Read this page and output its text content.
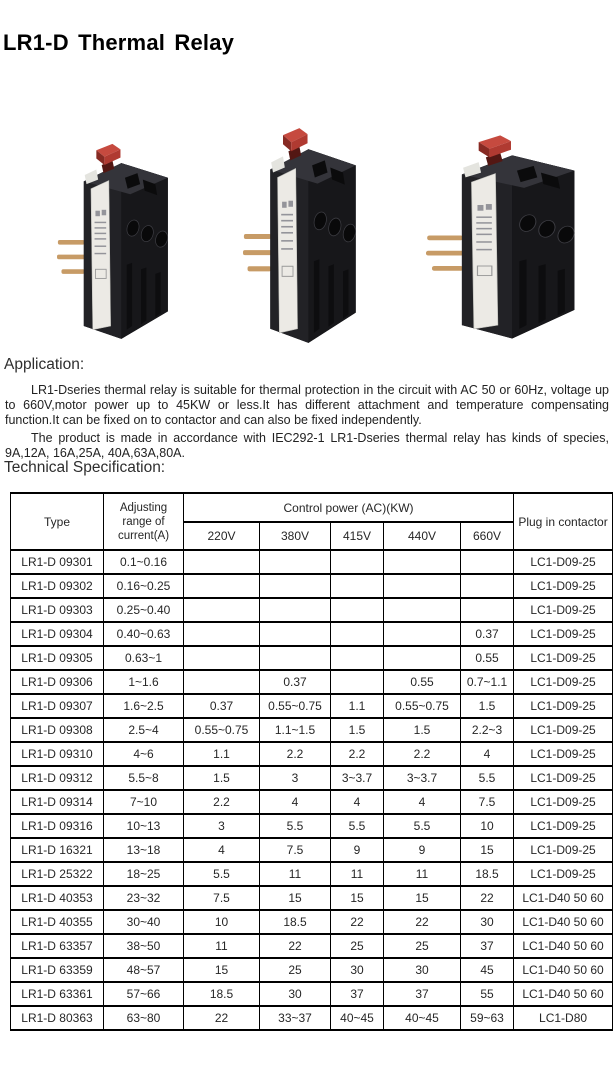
LR1-D Thermal Relay
Application:

LR1-Dseries thermal relay is suitable for thermal protection in the circuit with AC 50 or 60Hz, voltage up to 660V,motor power up to 45KW or less.It has different attachment and temperature compensating function.It can be fixed on to contactor and can also be fixed independently.

The product is made in accordance with IEC292-1 LR1-Dseries thermal relay has kinds of species, 9A,12A, 16A,25A, 40A,63A,80A.

Technical Specification:
Type	Adjusting range of current(A)	Control power (AC)(KW)					Plug in contactor
		220V	380V	415V	440V	660V	
LR1-D 09301	0.1~0.16						LC1-D09-25
LR1-D 09302	0.16~0.25						LC1-D09-25
LR1-D 09303	0.25~0.40						LC1-D09-25
LR1-D 09304	0.40~0.63					0.37	LC1-D09-25
LR1-D 09305	0.63~1					0.55	LC1-D09-25
LR1-D 09306	1~1.6		0.37		0.55	0.7~1.1	LC1-D09-25
LR1-D 09307	1.6~2.5	0.37	0.55~0.75	1.1	0.55~0.75	1.5	LC1-D09-25
LR1-D 09308	2.5~4	0.55~0.75	1.1~1.5	1.5	1.5	2.2~3	LC1-D09-25
LR1-D 09310	4~6	1.1	2.2	2.2	2.2	4	LC1-D09-25
LR1-D 09312	5.5~8	1.5	3	3~3.7	3~3.7	5.5	LC1-D09-25
LR1-D 09314	7~10	2.2	4	4	4	7.5	LC1-D09-25
LR1-D 09316	10~13	3	5.5	5.5	5.5	10	LC1-D09-25
LR1-D 16321	13~18	4	7.5	9	9	15	LC1-D09-25
LR1-D 25322	18~25	5.5	11	11	11	18.5	LC1-D09-25
LR1-D 40353	23~32	7.5	15	15	15	22	LC1-D40 50 60
LR1-D 40355	30~40	10	18.5	22	22	30	LC1-D40 50 60
LR1-D 63357	38~50	11	22	25	25	37	LC1-D40 50 60
LR1-D 63359	48~57	15	25	30	30	45	LC1-D40 50 60
LR1-D 63361	57~66	18.5	30	37	37	55	LC1-D40 50 60
LR1-D 80363	63~80	22	33~37	40~45	40~45	59~63	LC1-D80
